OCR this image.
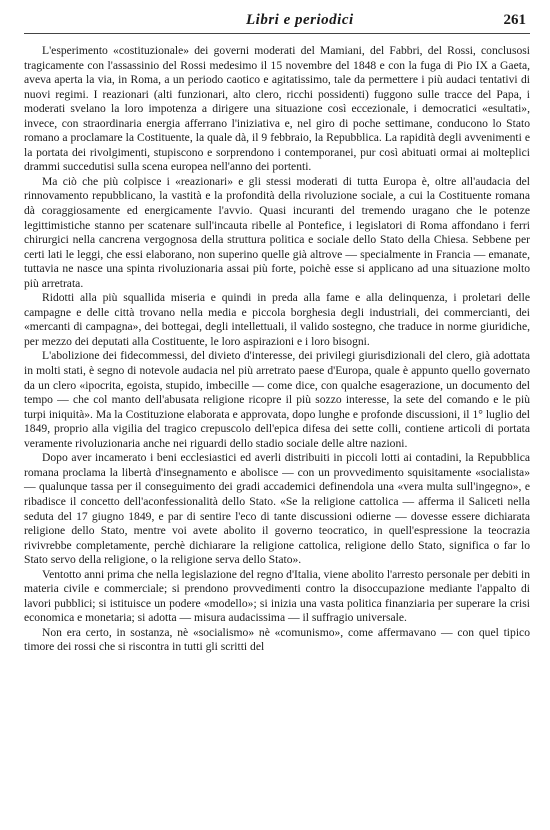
Libri e periodici	261

L'esperimento «costituzionale» dei governi moderati del Mamiani, del Fabbri, del Rossi, conclusosi tragicamente con l'assassinio del Rossi medesimo il 15 novembre del 1848 e con la fuga di Pio IX a Gaeta, aveva aperta la via, in Roma, a un periodo caotico e agitatissimo, tale da permettere i più audaci tentativi di nuovi regimi. I reazionari (alti funzionari, alto clero, ricchi possidenti) fuggono sulle tracce del Papa, i moderati svelano la loro impotenza a dirigere una situazione così eccezionale, i democratici «esultati», invece, con straordinaria energia afferrano l'iniziativa e, nel giro di poche settimane, conducono lo Stato romano a proclamare la Costituente, la quale dà, il 9 febbraio, la Repubblica. La rapidità degli avvenimenti e la portata dei rivolgimenti, stupiscono e sorprendono i contemporanei, pur così abituati ormai ai molteplici drammi succedutisi sulla scena europea nell'anno dei portenti.

Ma ciò che più colpisce i «reazionari» e gli stessi moderati di tutta Europa è, oltre all'audacia del rinnovamento repubblicano, la vastità e la profondità della rivoluzione sociale, a cui la Costituente romana dà coraggiosamente ed energicamente l'avvio. Quasi incuranti del tremendo uragano che le potenze legittimistiche stanno per scatenare sull'incauta ribelle al Pontefice, i legislatori di Roma affondano i ferri chirurgici nella cancrena vergognosa della struttura politica e sociale dello Stato della Chiesa. Sebbene per certi lati le leggi, che essi elaborano, non superino quelle già altrove — specialmente in Francia — emanate, tuttavia ne nasce una spinta rivoluzionaria assai più forte, poichè esse si applicano ad una situazione molto più arretrata.

Ridotti alla più squallida miseria e quindi in preda alla fame e alla delinquenza, i proletari delle campagne e delle città trovano nella media e piccola borghesia degli industriali, dei commercianti, dei «mercanti di campagna», dei bottegai, degli intellettuali, il valido sostegno, che traduce in norme giuridiche, per mezzo dei deputati alla Costituente, le loro aspirazioni e i loro bisogni.

L'abolizione dei fidecommessi, del divieto d'interesse, dei privilegi giurisdizionali del clero, già adottata in molti stati, è segno di notevole audacia nel più arretrato paese d'Europa, quale è appunto quello governato da un clero «ipocrita, egoista, stupido, imbecille — come dice, con qualche esagerazione, un documento del tempo — che col manto dell'abusata religione ricopre il più sozzo interesse, la sete del comando e le più turpi iniquità». Ma la Costituzione elaborata e approvata, dopo lunghe e profonde discussioni, il 1° luglio del 1849, proprio alla vigilia del tragico crepuscolo dell'epica difesa dei sette colli, contiene articoli di portata veramente rivoluzionaria anche nei riguardi dello stadio sociale delle altre nazioni.

Dopo aver incamerato i beni ecclesiastici ed averli distribuiti in piccoli lotti ai contadini, la Repubblica romana proclama la libertà d'insegnamento e abolisce — con un provvedimento squisitamente «socialista» — qualunque tassa per il conseguimento dei gradi accademici definendola una «vera multa sull'ingegno», e ribadisce il concetto dell'aconfessionalità dello Stato. «Se la religione cattolica — afferma il Saliceti nella seduta del 17 giugno 1849, e par di sentire l'eco di tante discussioni odierne — dovesse essere dichiarata religione dello Stato, mentre voi avete abolito il governo teocratico, in quell'espressione la teocrazia rivivrebbe completamente, perchè dichiarare la religione cattolica, religione dello Stato, significa o far lo Stato servo della religione, o la religione serva dello Stato».

Ventotto anni prima che nella legislazione del regno d'Italia, viene abolito l'arresto personale per debiti in materia civile e commerciale; si prendono provvedimenti contro la disoccupazione mediante l'appalto di lavori pubblici; si istituisce un podere «modello»; si inizia una vasta politica finanziaria per superare la crisi economica e monetaria; si adotta — misura audacissima — il suffragio universale.

Non era certo, in sostanza, nè «socialismo» nè «comunismo», come affermavano — con quel tipico timore dei rossi che si riscontra in tutti gli scritti del
